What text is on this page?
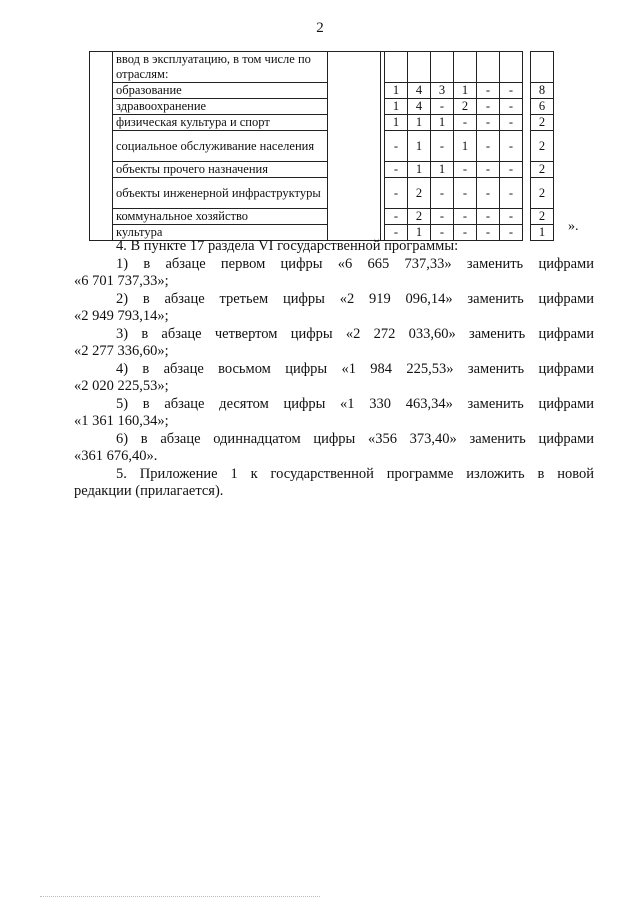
2
	ввод в эксплуатацию, в том числе по отраслям:										
	образование			1	4	3	1	-	-		8
	здравоохранение			1	4	-	2	-	-		6
	физическая культура и спорт			1	1	1	-	-	-		2
	социальное обслуживание населения			-	1	-	1	-	-		2
	объекты прочего назначения			-	1	1	-	-	-		2
	объекты инженерной инфраструктуры			-	2	-	-	-	-		2
	коммунальное хозяйство			-	2	-	-	-	-		2
	культура			-	1	-	-	-	-		1 ».

4. В пункте 17 раздела VI государственной программы:

1) в абзаце первом цифры «6 665 737,33» заменить цифрами

«6 701 737,33»;

2) в абзаце третьем цифры «2 919 096,14» заменить цифрами

«2 949 793,14»;

3) в абзаце четвертом цифры «2 272 033,60» заменить цифрами

«2 277 336,60»;

4) в абзаце восьмом цифры «1 984 225,53» заменить цифрами

«2 020 225,53»;

5) в абзаце десятом цифры «1 330 463,34» заменить цифрами

«1 361 160,34»;

6) в абзаце одиннадцатом цифры «356 373,40» заменить цифрами

«361 676,40».

5. Приложение 1 к государственной программе изложить в новой

редакции (прилагается).
